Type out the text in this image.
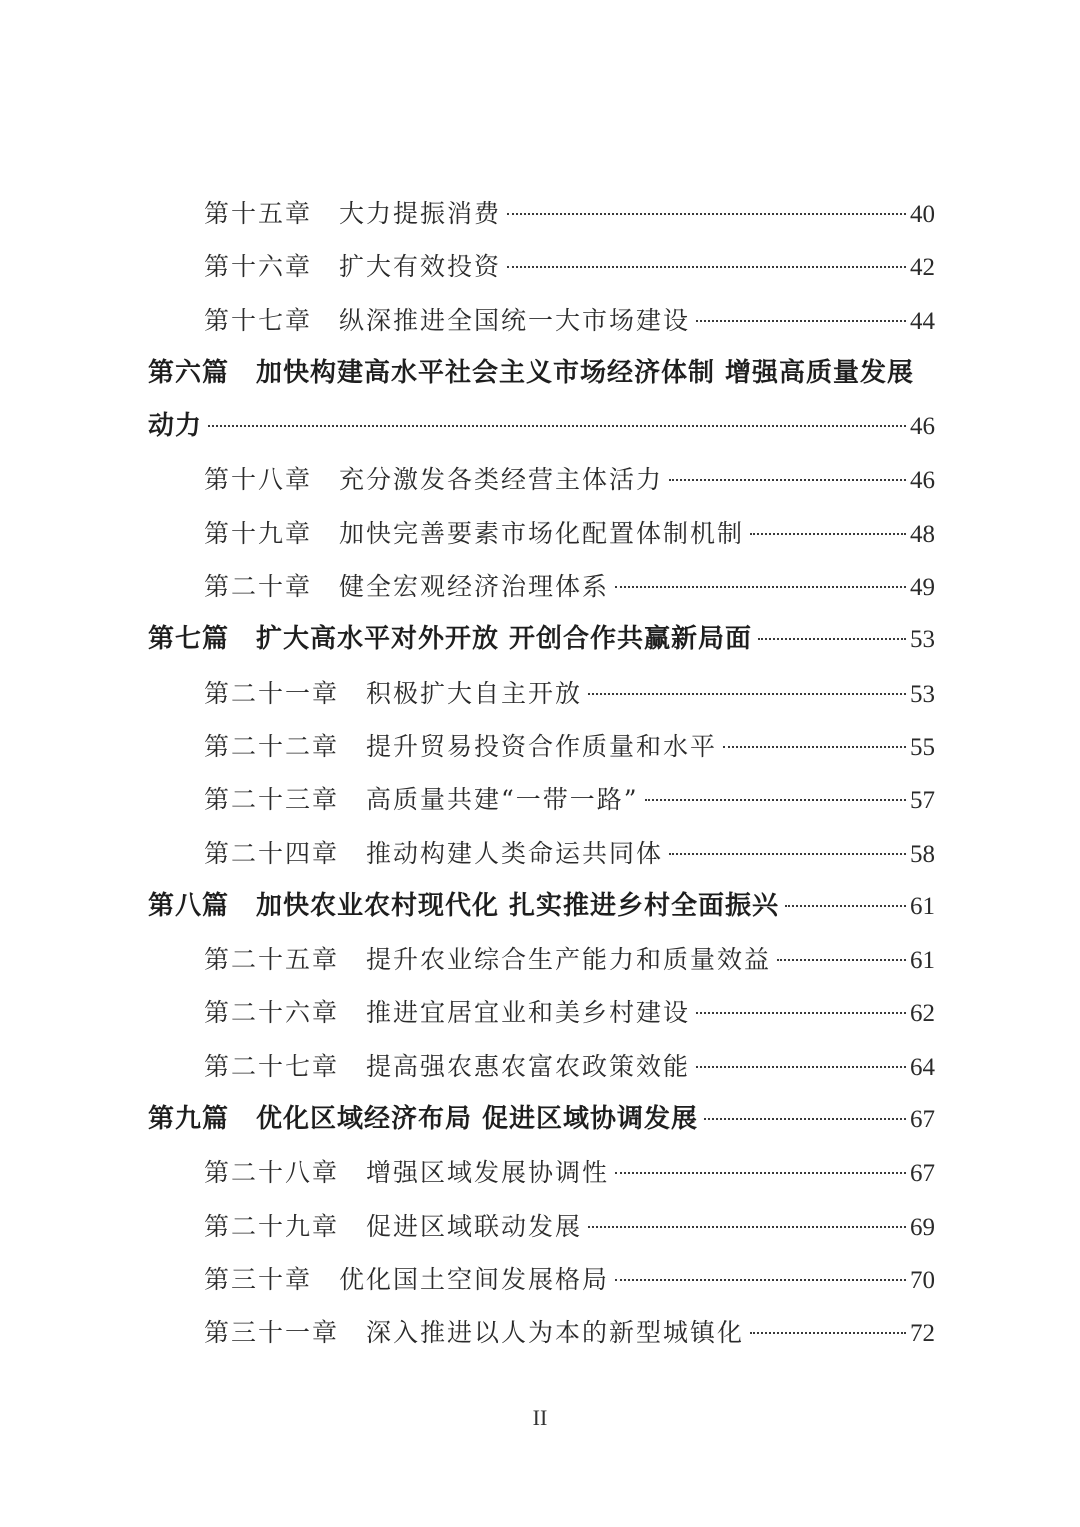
第十五章　大力提振消费	40
第十六章　扩大有效投资	42
第十七章　纵深推进全国统一大市场建设	44
第六篇　加快构建高水平社会主义市场经济体制 增强高质量发展
动力	46
第十八章　充分激发各类经营主体活力	46
第十九章　加快完善要素市场化配置体制机制	48
第二十章　健全宏观经济治理体系	49
第七篇　扩大高水平对外开放 开创合作共赢新局面	53
第二十一章　积极扩大自主开放	53
第二十二章　提升贸易投资合作质量和水平	55
第二十三章　高质量共建“一带一路”	57
第二十四章　推动构建人类命运共同体	58
第八篇　加快农业农村现代化 扎实推进乡村全面振兴	61
第二十五章　提升农业综合生产能力和质量效益	61
第二十六章　推进宜居宜业和美乡村建设	62
第二十七章　提高强农惠农富农政策效能	64
第九篇　优化区域经济布局 促进区域协调发展	67
第二十八章　增强区域发展协调性	67
第二十九章　促进区域联动发展	69
第三十章　优化国土空间发展格局	70
第三十一章　深入推进以人为本的新型城镇化	72
II
